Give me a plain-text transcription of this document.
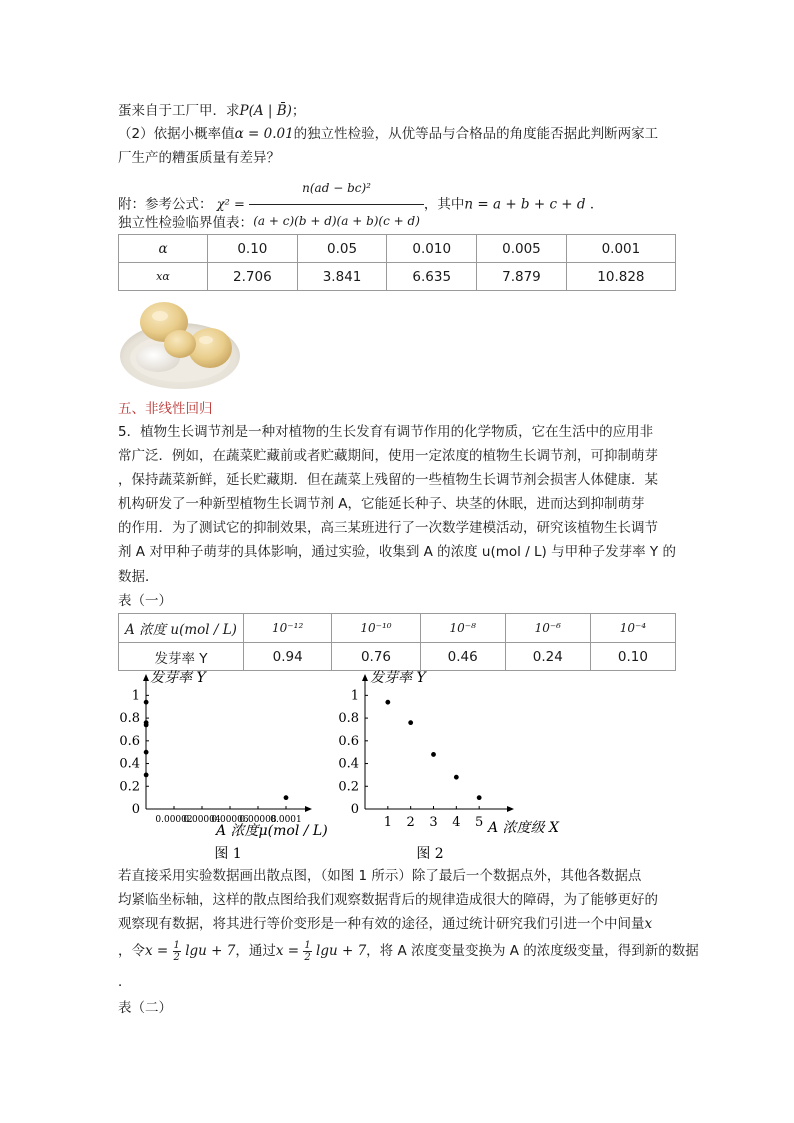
蛋来自于工厂甲．求P(A | B̄)；
（2）依据小概率值α = 0.01的独立性检验，从优等品与合格品的角度能否据此判断两家工
厂生产的糟蛋质量有差异？
附：参考公式： $\chi^2 = \frac{\text{n(ad − bc)²}}{(a + c)(b + d)(a + b)(c + d)}$ ，其中n = a + b + c + d ．
独立性检验临界值表：
α	0.10	0.05	0.010	0.005	0.001
xα	2.706	3.841	6.635	7.879	10.828
五、非线性回归
5．植物生长调节剂是一种对植物的生长发育有调节作用的化学物质，它在生活中的应用非
常广泛．例如，在蔬菜贮藏前或者贮藏期间，使用一定浓度的植物生长调节剂，可抑制萌芽
，保持蔬菜新鲜，延长贮藏期．但在蔬菜上残留的一些植物生长调节剂会损害人体健康．某
机构研发了一种新型植物生长调节剂 A，它能延长种子、块茎的休眠，进而达到抑制萌芽
的作用．为了测试它的抑制效果，高三某班进行了一次数学建模活动，研究该植物生长调节
剂 A 对甲种子萌芽的具体影响，通过实验，收集到 A 的浓度 u(mol / L) 与甲种子发芽率 Y 的
数据．
表（一）
A 浓度 u(mol / L)	10⁻¹²	10⁻¹⁰	10⁻⁸	10⁻⁶	10⁻⁴
发芽率 Y	0.94	0.76	0.46	0.24	0.10
0
0.2
0.4
0.6
0.8
1
0.00002
0.00004
0.00006
0.00008
0.0001
发芽率 Y
A 浓度μ(mol / L)
图 1
0
0.2
0.4
0.6
0.8
1
1 2 3 4 5
发芽率 Y
A 浓度级 X
图 2
若直接采用实验数据画出散点图，（如图 1 所示）除了最后一个数据点外，其他各数据点
均紧临坐标轴，这样的散点图给我们观察数据背后的规律造成很大的障碍，为了能够更好的
观察现有数据，将其进行等价变形是一种有效的途径，通过统计研究我们引进一个中间量x
，令$x = \frac{1}{2}$ lgu + 7，通过$x = \frac{1}{2}$ lgu + 7，将 A 浓度变量变换为 A 的浓度级变量，得到新的数据
．
表（二）
